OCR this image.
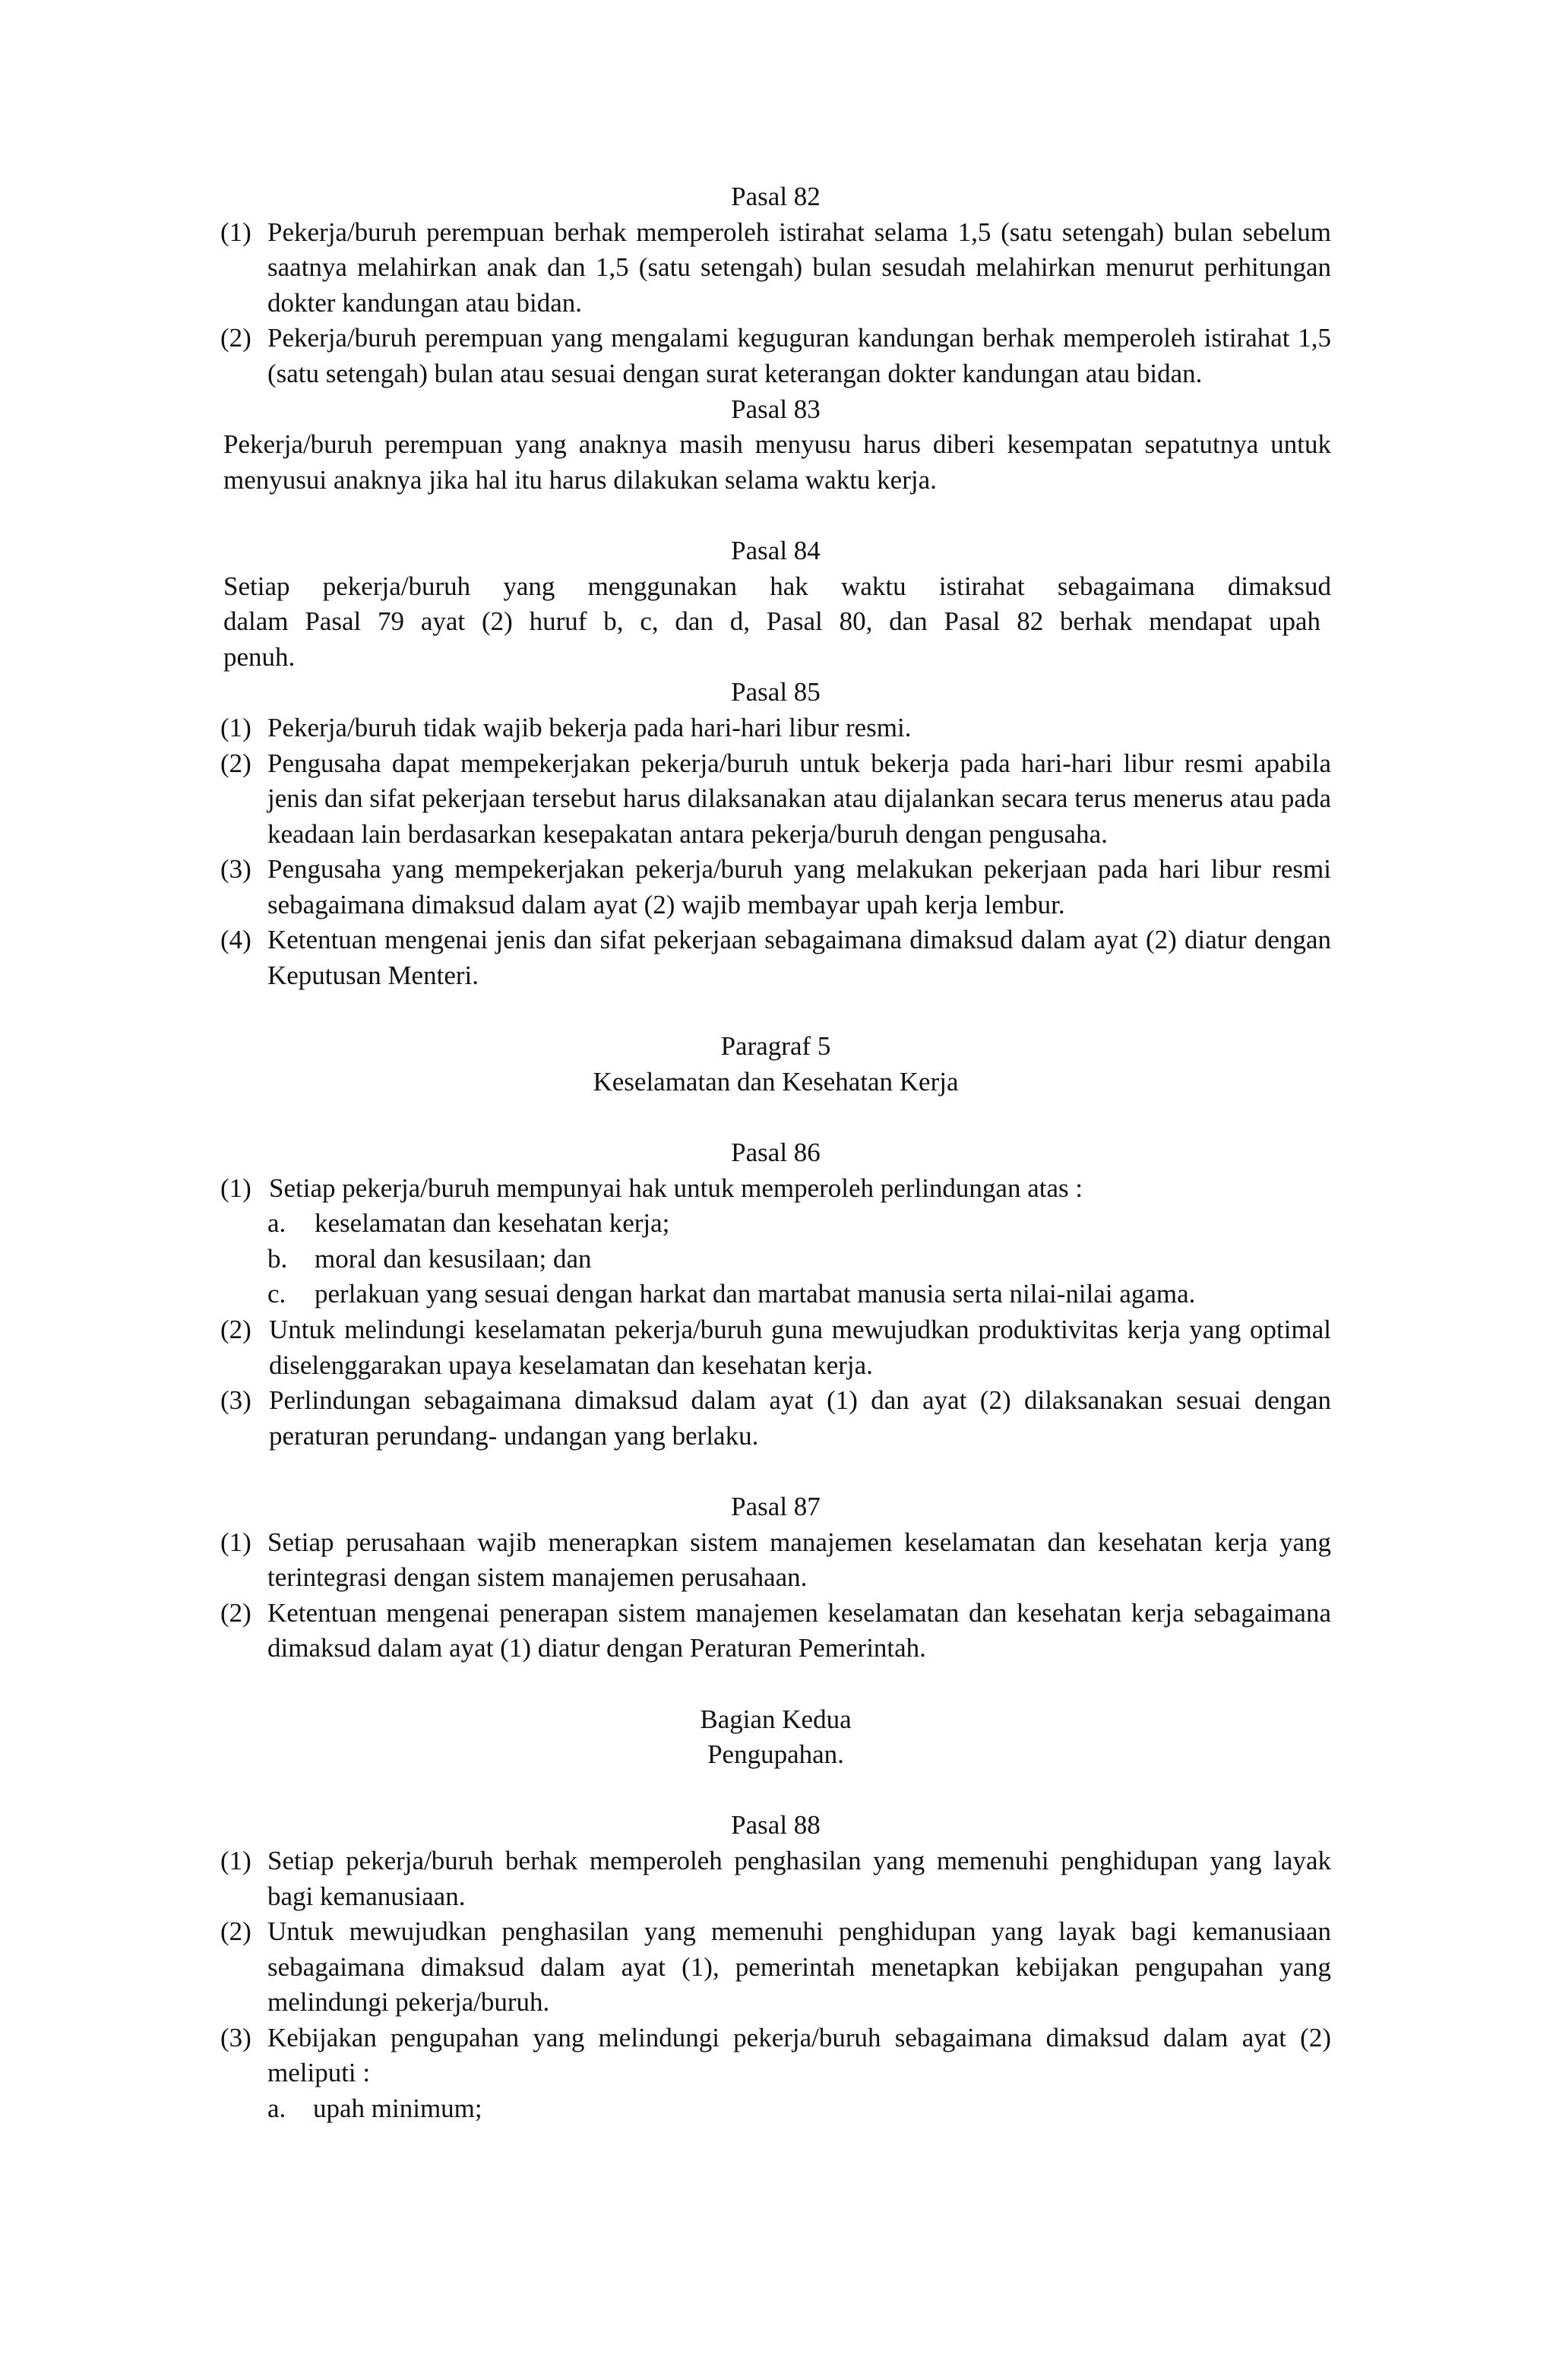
Pasal 82

(1) Pekerja/buruh perempuan berhak memperoleh istirahat selama 1,5 (satu setengah) bulan sebelum saatnya melahirkan anak dan 1,5 (satu setengah) bulan sesudah melahirkan menurut perhitungan dokter kandungan atau bidan.
(2) Pekerja/buruh perempuan yang mengalami keguguran kandungan berhak memperoleh istirahat 1,5 (satu setengah) bulan atau sesuai dengan surat keterangan dokter kandungan atau bidan.

Pasal 83

Pekerja/buruh perempuan yang anaknya masih menyusu harus diberi kesempatan sepatutnya untuk menyusui anaknya jika hal itu harus dilakukan selama waktu kerja.

Pasal 84

Setiap pekerja/buruh yang menggunakan hak waktu istirahat sebagaimana dimaksud
dalam Pasal 79 ayat (2) huruf b, c, dan d, Pasal 80, dan Pasal 82 berhak mendapat upah
penuh.

Pasal 85

(1) Pekerja/buruh tidak wajib bekerja pada hari-hari libur resmi.
(2) Pengusaha dapat mempekerjakan pekerja/buruh untuk bekerja pada hari-hari libur resmi apabila jenis dan sifat pekerjaan tersebut harus dilaksanakan atau dijalankan secara terus menerus atau pada keadaan lain berdasarkan kesepakatan antara pekerja/buruh dengan pengusaha.
(3) Pengusaha yang mempekerjakan pekerja/buruh yang melakukan pekerjaan pada hari libur resmi sebagaimana dimaksud dalam ayat (2) wajib membayar upah kerja lembur.
(4) Ketentuan mengenai jenis dan sifat pekerjaan sebagaimana dimaksud dalam ayat (2) diatur dengan Keputusan Menteri.

Paragraf 5

Keselamatan dan Kesehatan Kerja

Pasal 86

(1) Setiap pekerja/buruh mempunyai hak untuk memperoleh perlindungan atas :
a. keselamatan dan kesehatan kerja;
b. moral dan kesusilaan; dan
c. perlakuan yang sesuai dengan harkat dan martabat manusia serta nilai-nilai agama.
(2) Untuk melindungi keselamatan pekerja/buruh guna mewujudkan produktivitas kerja yang optimal diselenggarakan upaya keselamatan dan kesehatan kerja.
(3) Perlindungan sebagaimana dimaksud dalam ayat (1) dan ayat (2) dilaksanakan sesuai dengan peraturan perundang- undangan yang berlaku.

Pasal 87

(1) Setiap perusahaan wajib menerapkan sistem manajemen keselamatan dan kesehatan kerja yang terintegrasi dengan sistem manajemen perusahaan.
(2) Ketentuan mengenai penerapan sistem manajemen keselamatan dan kesehatan kerja sebagaimana dimaksud dalam ayat (1) diatur dengan Peraturan Pemerintah.

Bagian Kedua

Pengupahan.

Pasal 88

(1) Setiap pekerja/buruh berhak memperoleh penghasilan yang memenuhi penghidupan yang layak bagi kemanusiaan.
(2) Untuk mewujudkan penghasilan yang memenuhi penghidupan yang layak bagi kemanusiaan sebagaimana dimaksud dalam ayat (1), pemerintah menetapkan kebijakan pengupahan yang melindungi pekerja/buruh.
(3) Kebijakan pengupahan yang melindungi pekerja/buruh sebagaimana dimaksud dalam ayat (2) meliputi :
a. upah minimum;
